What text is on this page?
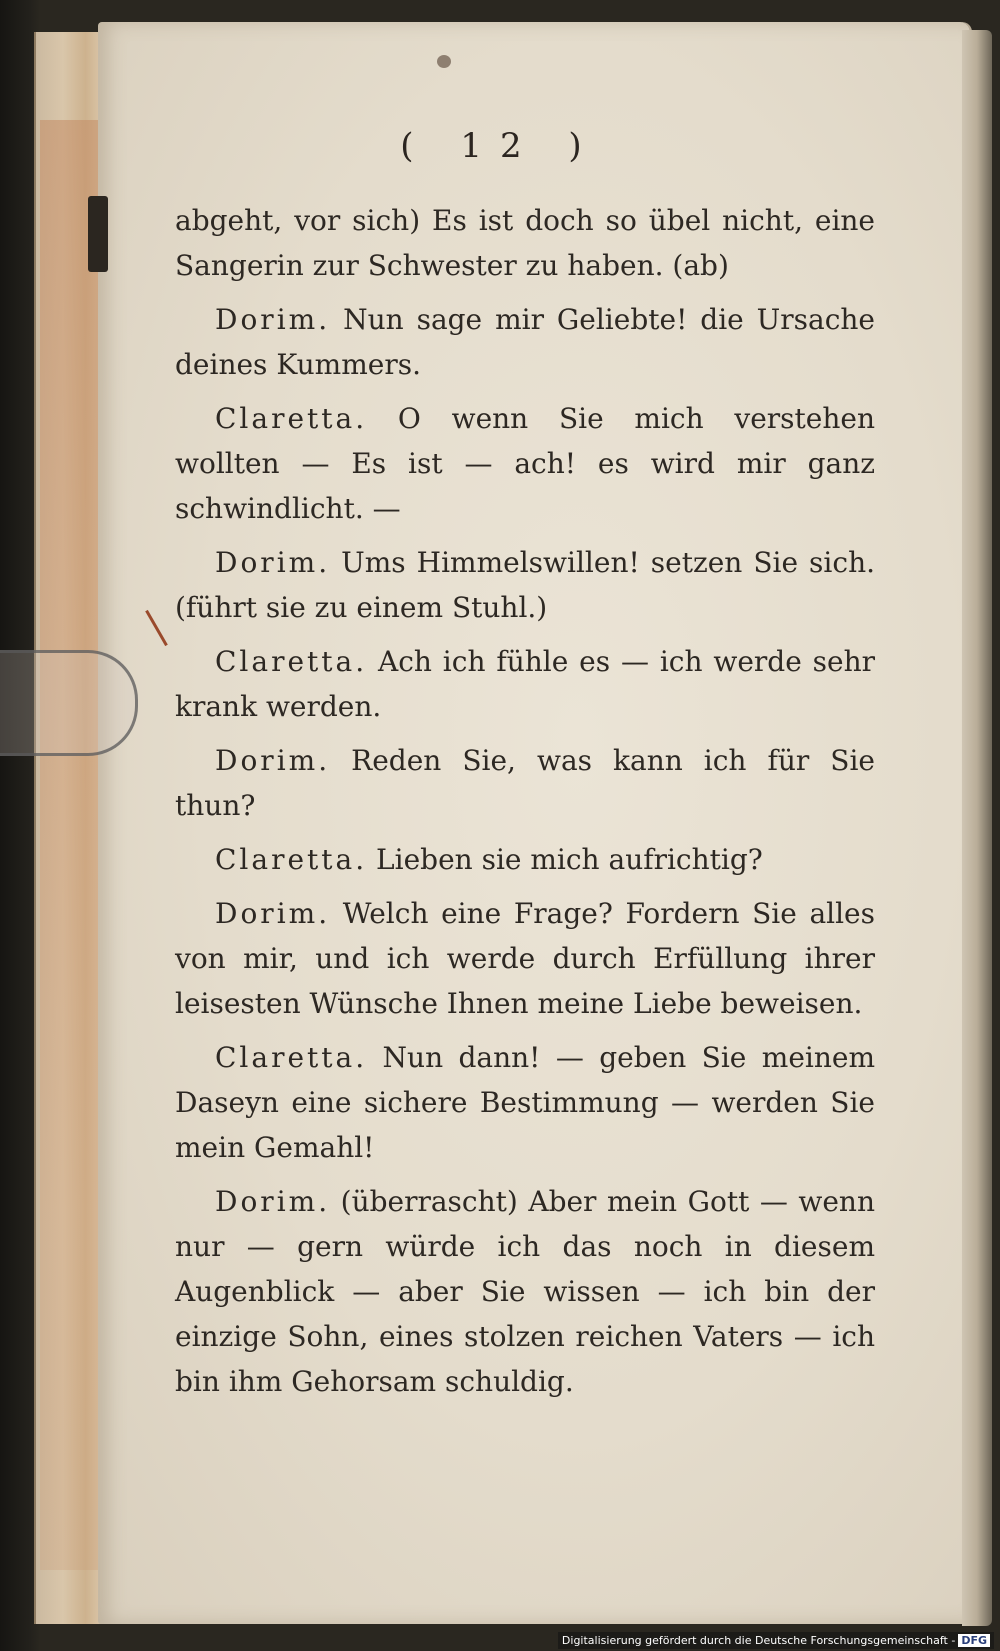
( 12 )

abgeht, vor sich) Es ist doch so übel nicht, eine Sangerin zur Schwester zu haben. (ab)

Dorim. Nun sage mir Geliebte! die Ursache deines Kummers.

Claretta. O wenn Sie mich verstehen wollten — Es ist — ach! es wird mir ganz schwindlicht. —

Dorim. Ums Himmelswillen! setzen Sie sich. (führt sie zu einem Stuhl.)

Claretta. Ach ich fühle es — ich werde sehr krank werden.

Dorim. Reden Sie, was kann ich für Sie thun?

Claretta. Lieben sie mich aufrichtig?

Dorim. Welch eine Frage? Fordern Sie alles von mir, und ich werde durch Erfüllung ihrer leisesten Wünsche Ihnen meine Liebe beweisen.

Claretta. Nun dann! — geben Sie meinem Daseyn eine sichere Bestimmung — werden Sie mein Gemahl!

Dorim. (überrascht) Aber mein Gott — wenn nur — gern würde ich das noch in diesem Augenblick — aber Sie wissen — ich bin der einzige Sohn, eines stolzen reichen Vaters — ich bin ihm Gehorsam schuldig.

Digitalisierung gefördert durch die Deutsche Forschungsgemeinschaft - DFG
